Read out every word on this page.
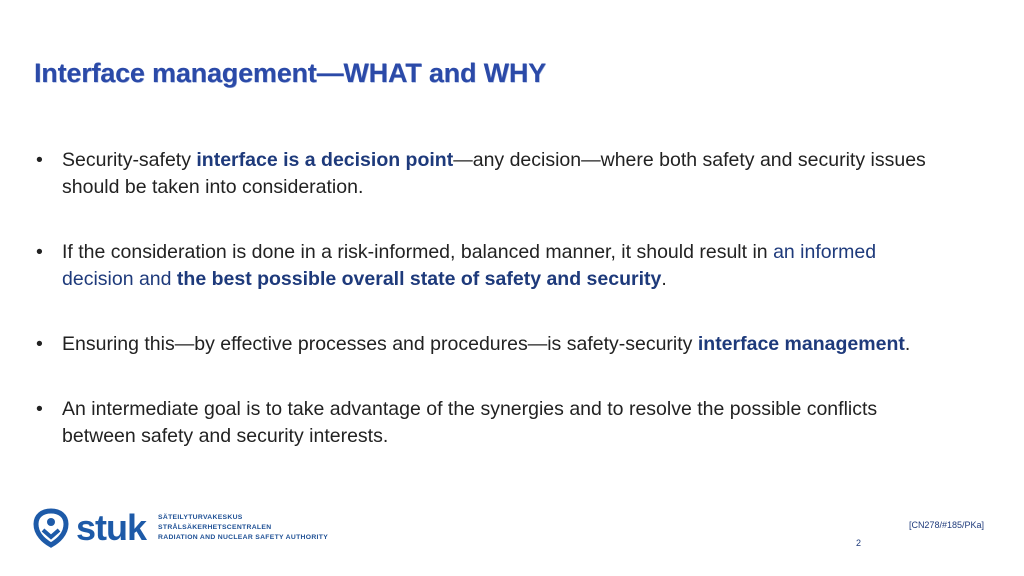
Interface management—WHAT and WHY
• Security-safety interface is a decision point—any decision—where both safety and security issues should be taken into consideration.
• If the consideration is done in a risk-informed, balanced manner, it should result in an informed decision and the best possible overall state of safety and security.
• Ensuring this—by effective processes and procedures—is safety-security interface management.
• An intermediate goal is to take advantage of the synergies and to resolve the possible conflicts between safety and security interests.
stuk SÄTEILYTURVAKESKUS
STRÅLSÄKERHETSCENTRALEN
RADIATION AND NUCLEAR SAFETY AUTHORITY
[CN278/#185/PKa]
2
